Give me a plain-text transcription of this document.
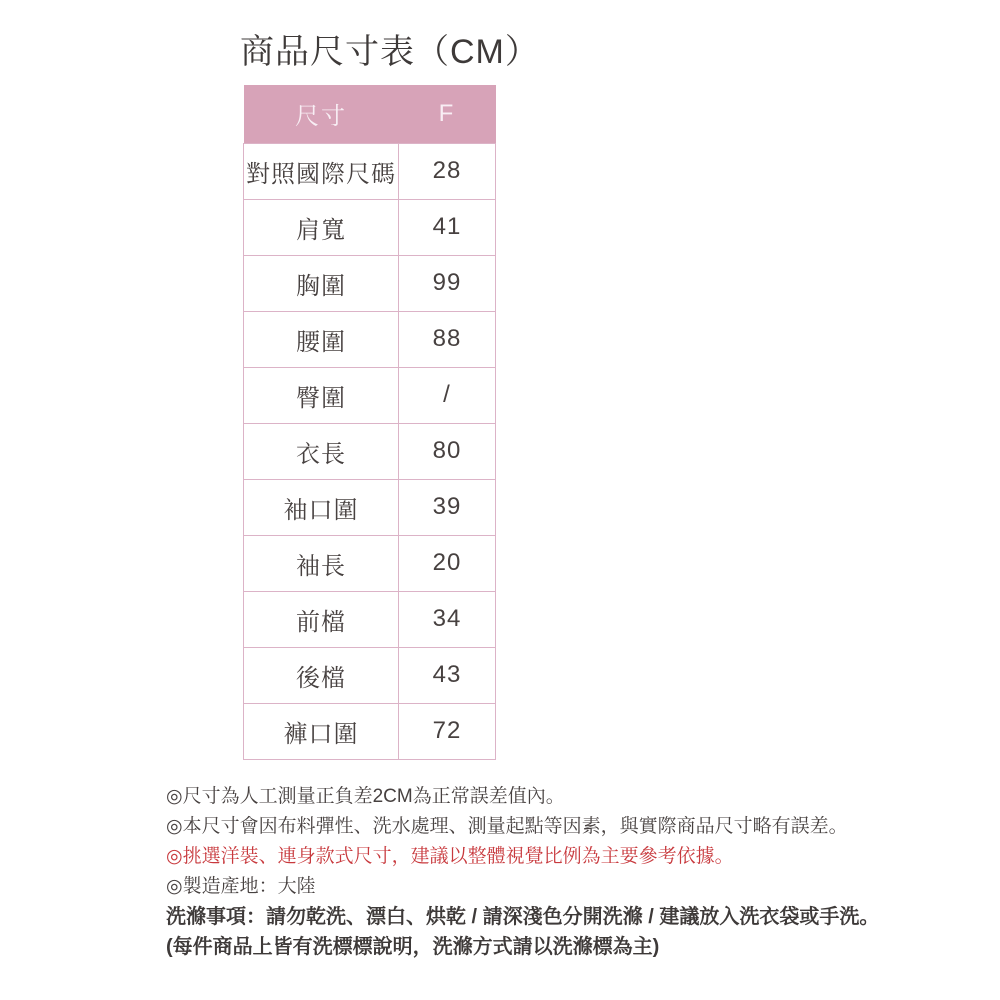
商品尺寸表（CM）
尺寸	F
對照國際尺碼	28
肩寬	41
胸圍	99
腰圍	88
臀圍	/
衣長	80
袖口圍	39
袖長	20
前檔	34
後檔	43
褲口圍	72

◎尺寸為人工測量正負差2CM為正常誤差值內。

◎本尺寸會因布料彈性、洗水處理、測量起點等因素，與實際商品尺寸略有誤差。

◎挑選洋裝、連身款式尺寸，建議以整體視覺比例為主要參考依據。

◎製造產地：大陸

洗滌事項：請勿乾洗、漂白、烘乾 / 請深淺色分開洗滌 / 建議放入洗衣袋或手洗。

(每件商品上皆有洗標標說明，洗滌方式請以洗滌標為主)
